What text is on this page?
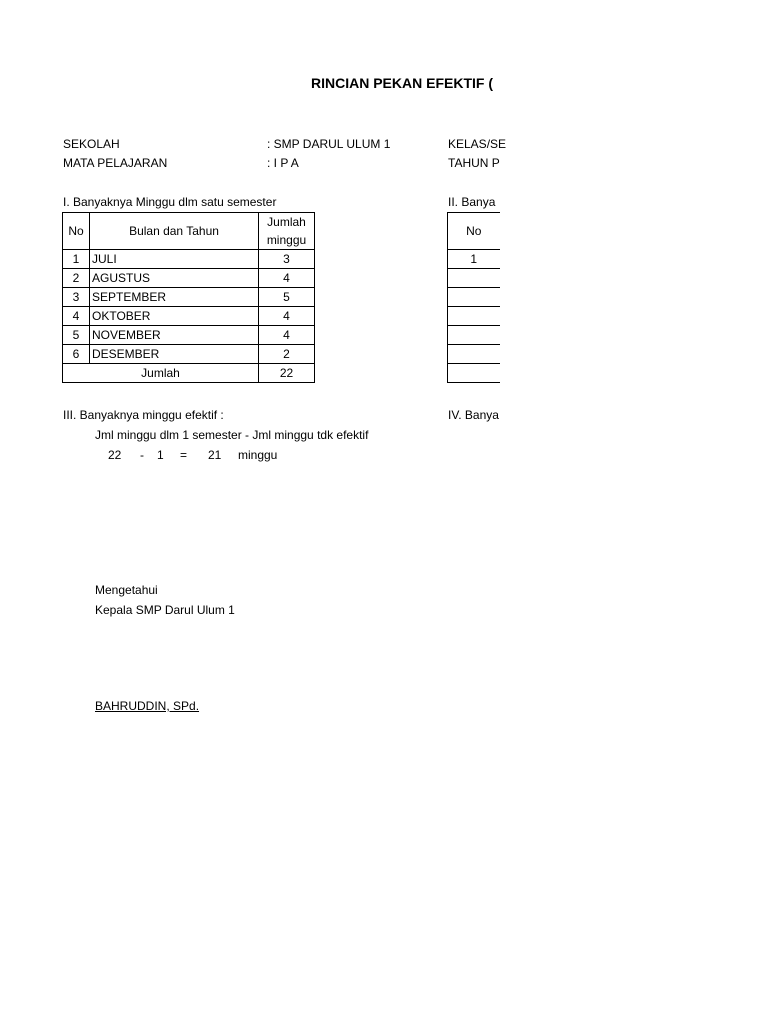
RINCIAN PEKAN EFEKTIF (
SEKOLAH	: SMP DARUL ULUM 1	KELAS/SE
MATA PELAJARAN	: I P A	TAHUN P
I. Banyaknya Minggu dlm satu semester
No	Bulan dan Tahun	Jumlah
minggu

1	JULI	3
2	AGUSTUS	4
3	SEPTEMBER	5
4	OKTOBER	4
5	NOVEMBER	4
6	DESEMBER	2
Jumlah		22
II. Banya
No
1

III. Banyaknya minggu efektif :	IV. Banya
Jml minggu dlm 1 semester - Jml minggu tdk efektif
22 - 1 = 21 minggu
Mengetahui
Kepala SMP Darul Ulum 1
BAHRUDDIN, SPd.
